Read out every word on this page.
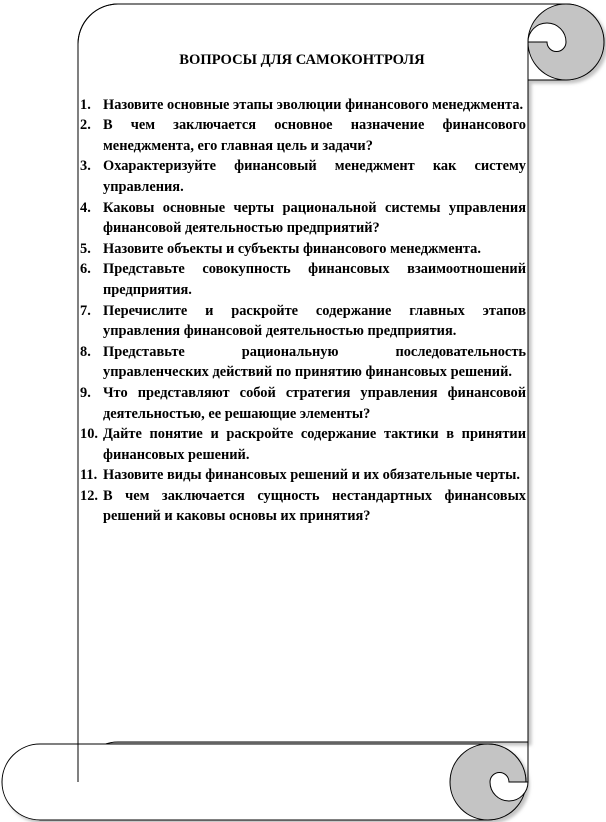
ВОПРОСЫ ДЛЯ САМОКОНТРОЛЯ
1. Назовите основные этапы эволюции финансового менеджмента.
2. В чем заключается основное назначение финансового менеджмента, его главная цель и задачи?
3. Охарактеризуйте финансовый менеджмент как систему управления.
4. Каковы основные черты рациональной системы управления финансовой деятельностью предприятий?
5. Назовите объекты и субъекты финансового менеджмента.
6. Представьте совокупность финансовых взаимоотношений предприятия.
7. Перечислите и раскройте содержание главных этапов управления финансовой деятельностью предприятия.
8. Представьте рациональную последовательность управленческих действий по принятию финансовых решений.
9. Что представляют собой стратегия управления финансовой деятельностью, ее решающие элементы?
10. Дайте понятие и раскройте содержание тактики в принятии финансовых решений.
11. Назовите виды финансовых решений и их обязательные черты.
12. В чем заключается сущность нестандартных финансовых решений и каковы основы их принятия?
